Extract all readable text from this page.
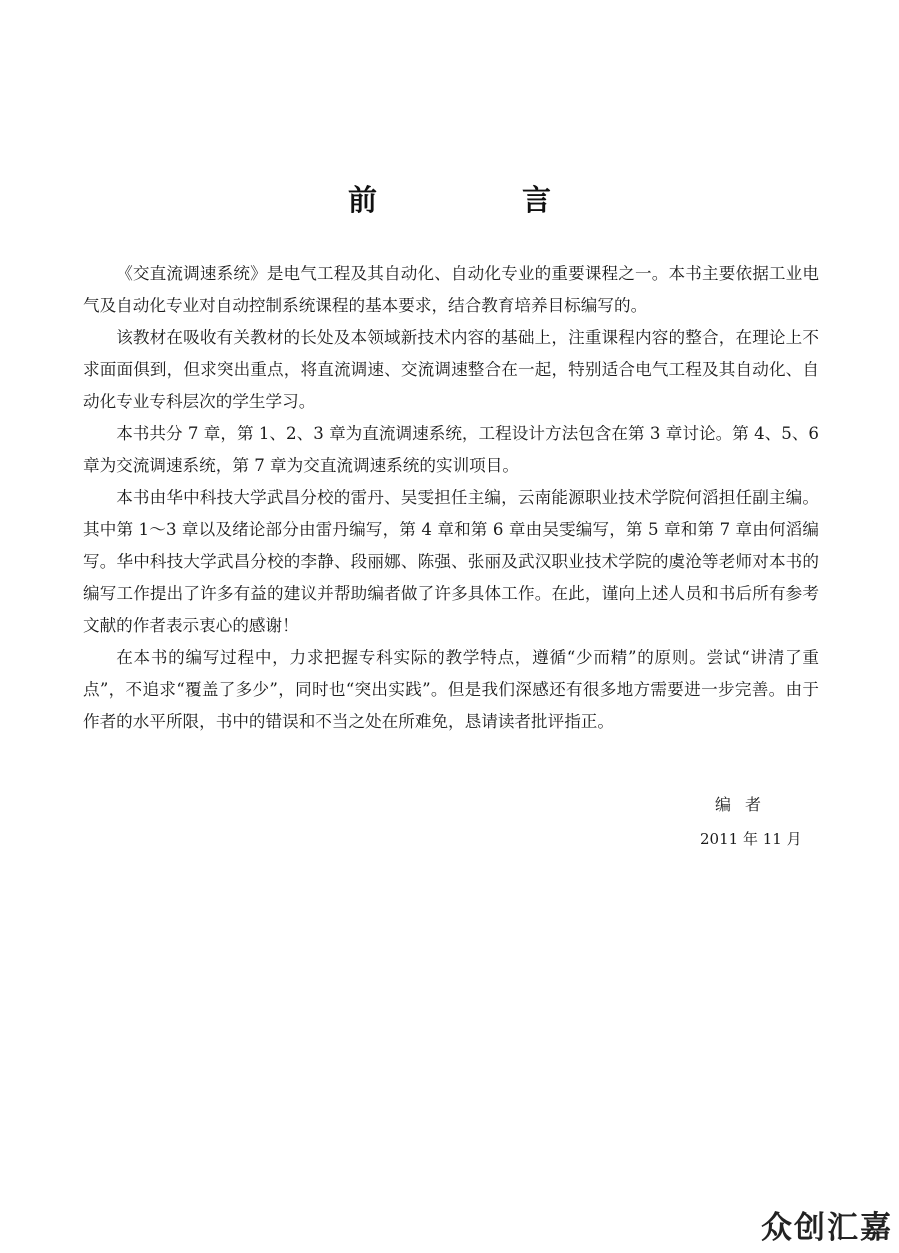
前　言

《交直流调速系统》是电气工程及其自动化、自动化专业的重要课程之一。本书主要依据工业电气及自动化专业对自动控制系统课程的基本要求，结合教育培养目标编写的。

该教材在吸收有关教材的长处及本领域新技术内容的基础上，注重课程内容的整合，在理论上不求面面俱到，但求突出重点，将直流调速、交流调速整合在一起，特别适合电气工程及其自动化、自动化专业专科层次的学生学习。

本书共分 7 章，第 1、2、3 章为直流调速系统，工程设计方法包含在第 3 章讨论。第 4、5、6 章为交流调速系统，第 7 章为交直流调速系统的实训项目。

本书由华中科技大学武昌分校的雷丹、吴雯担任主编，云南能源职业技术学院何滔担任副主编。其中第 1～3 章以及绪论部分由雷丹编写，第 4 章和第 6 章由吴雯编写，第 5 章和第 7 章由何滔编写。华中科技大学武昌分校的李静、段丽娜、陈强、张丽及武汉职业技术学院的虞沧等老师对本书的编写工作提出了许多有益的建议并帮助编者做了许多具体工作。在此，谨向上述人员和书后所有参考文献的作者表示衷心的感谢！

在本书的编写过程中，力求把握专科实际的教学特点，遵循“少而精”的原则。尝试“讲清了重点”，不追求“覆盖了多少”，同时也“突出实践”。但是我们深感还有很多地方需要进一步完善。由于作者的水平所限，书中的错误和不当之处在所难免，恳请读者批评指正。

编者
2011 年 11 月
众创汇嘉
